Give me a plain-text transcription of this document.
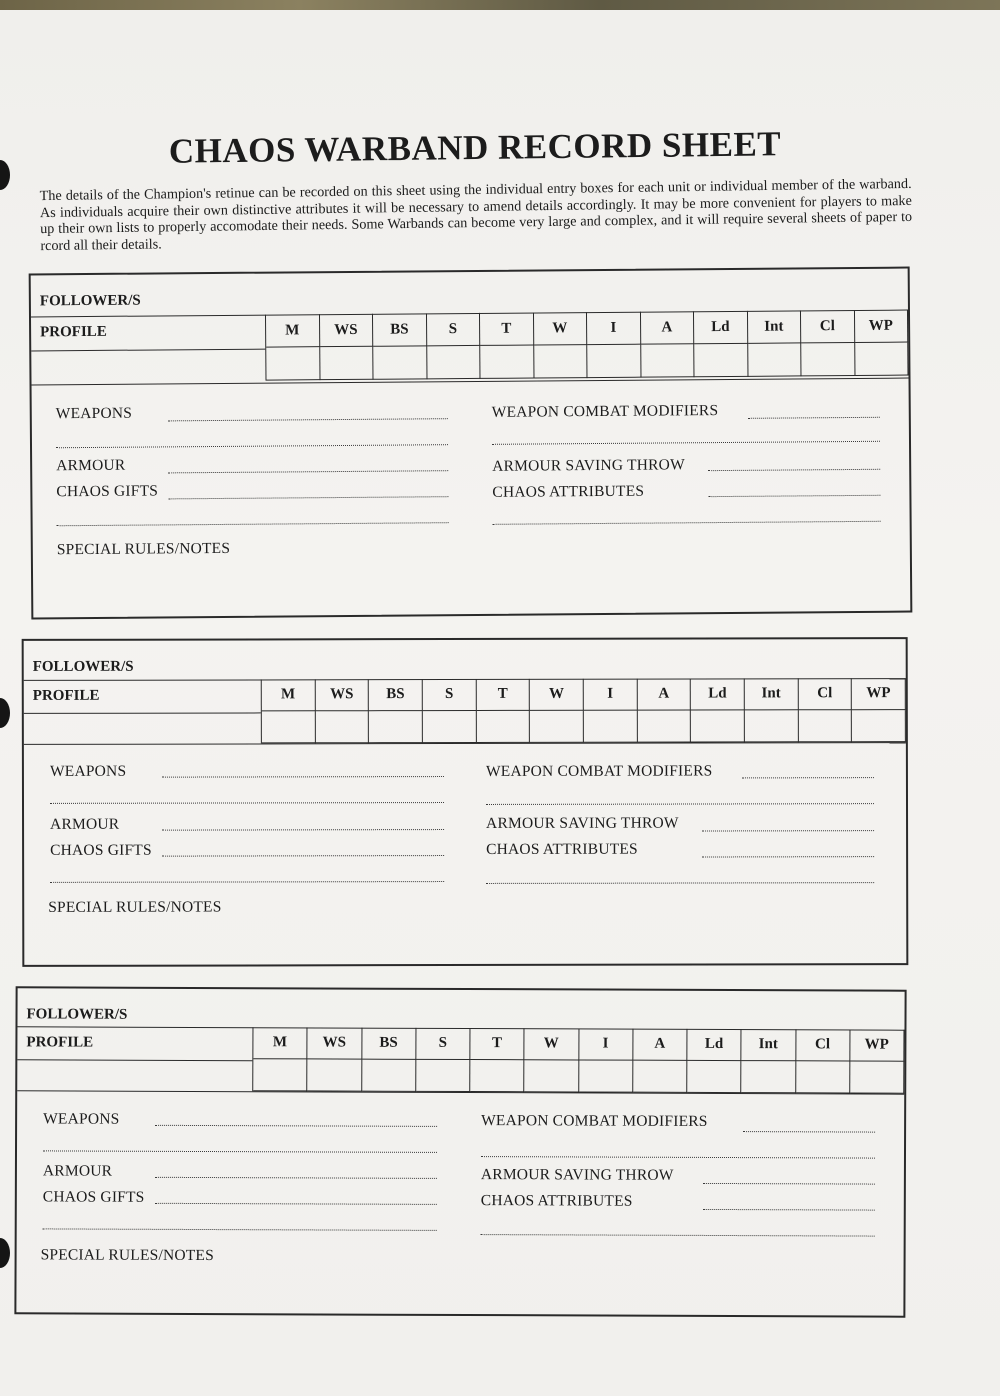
CHAOS WARBAND RECORD SHEET
The details of the Champion's retinue can be recorded on this sheet using the individual entry boxes for each unit or individual member of the warband. As individuals acquire their own distinctive attributes it will be necessary to amend details accordingly. It may be more convenient for players to make up their own lists to properly accomodate their needs. Some Warbands can become very large and complex, and it will require several sheets of paper to rcord all their details.
FOLLOWER/S
PROFILE	M	WS	BS	S	T	W	I	A	Ld	Int	Cl	WP
WEAPONS	WEAPON COMBAT MODIFIERS
ARMOUR	ARMOUR SAVING THROW
CHAOS GIFTS	CHAOS ATTRIBUTES
SPECIAL RULES/NOTES
FOLLOWER/S
PROFILE	M	WS	BS	S	T	W	I	A	Ld	Int	Cl	WP
WEAPONS	WEAPON COMBAT MODIFIERS
ARMOUR	ARMOUR SAVING THROW
CHAOS GIFTS	CHAOS ATTRIBUTES
SPECIAL RULES/NOTES
FOLLOWER/S
PROFILE	M	WS	BS	S	T	W	I	A	Ld	Int	Cl	WP
WEAPONS	WEAPON COMBAT MODIFIERS
ARMOUR	ARMOUR SAVING THROW
CHAOS GIFTS	CHAOS ATTRIBUTES
SPECIAL RULES/NOTES
